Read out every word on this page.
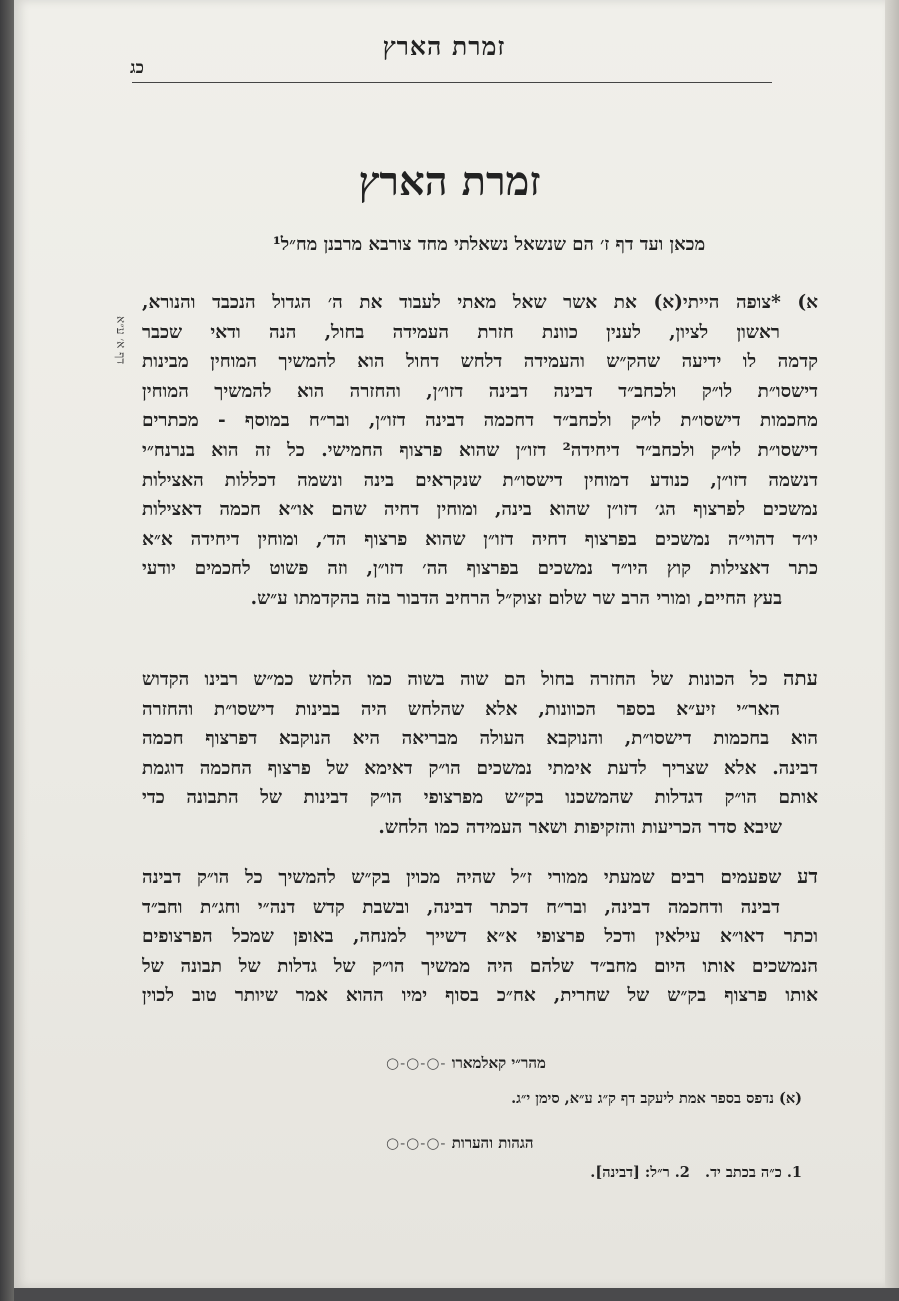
כג
זמרת הארץ
זמרת הארץ
מכאן ועד דף ז׳ הם שנשאל נשאלתי מחד צורבא מרבנן מח״ל¹
דף א׳ ע״א
א) *צופה הייתי(א) את אשר שאל מאתי לעבוד את ה׳ הגדול הנכבד והנורא,
ראשון לציון, לענין כוונת חזרת העמידה בחול, הנה ודאי שכבר
קדמה לו ידיעה שהק״ש והעמידה דלחש דחול הוא להמשיך המוחין מבינות
דישסו״ת לו״ק ולכחב״ד דבינה דבינה דזו״ן, והחזרה הוא להמשיך המוחין
מחכמות דישסו״ת לו״ק ולכחב״ד דחכמה דבינה דזו״ן, ובר״ח במוסף - מכתרים
דישסו״ת לו״ק ולכחב״ד דיחידה² דזו״ן שהוא פרצוף החמישי. כל זה הוא בנרנח״י
דנשמה דזו״ן, כנודע דמוחין דישסו״ת שנקראים בינה ונשמה דכללות האצילות
נמשכים לפרצוף הג׳ דזו״ן שהוא בינה, ומוחין דחיה שהם או״א חכמה דאצילות
יו״ד דהוי״ה נמשכים בפרצוף דחיה דזו״ן שהוא פרצוף הד׳, ומוחין דיחידה א״א
כתר דאצילות קוץ היו״ד נמשכים בפרצוף הה׳ דזו״ן, וזה פשוט לחכמים יודעי
בעץ החיים, ומורי הרב שר שלום זצוק״ל הרחיב הדבור בזה בהקדמתו ע״ש.
עתה כל הכונות של החזרה בחול הם שוה בשוה כמו הלחש כמ״ש רבינו הקדוש
האר״י זיע״א בספר הכוונות, אלא שהלחש היה בבינות דישסו״ת והחזרה
הוא בחכמות דישסו״ת, והנוקבא העולה מבריאה היא הנוקבא דפרצוף חכמה
דבינה. אלא שצריך לדעת אימתי נמשכים הו״ק דאימא של פרצוף החכמה דוגמת
אותם הו״ק דגדלות שהמשכנו בק״ש מפרצופי הו״ק דבינות של התבונה כדי
שיבא סדר הכריעות והזקיפות ושאר העמידה כמו הלחש.
דע שפעמים רבים שמעתי ממורי ז״ל שהיה מכוין בק״ש להמשיך כל הו״ק דבינה
דבינה ודחכמה דבינה, ובר״ח דכתר דבינה, ובשבת קדש דנה״י וחג״ת וחב״ד
וכתר דאו״א עילאין ודכל פרצופי א״א דשייך למנחה, באופן שמכל הפרצופים
הנמשכים אותו היום מחב״ד שלהם היה ממשיך הו״ק של גדלות של תבונה של
אותו פרצוף בק״ש של שחרית, אח״כ בסוף ימיו ההוא אמר שיותר טוב לכוין
מהר״י קאלמארו -○-○-○
(א) נדפס בספר אמת ליעקב דף ק״ג ע״א, סימן י״ג.
הגהות והערות -○-○-○
1. כ״ה בכתב יד.   2. ר״ל: [דבינה].
